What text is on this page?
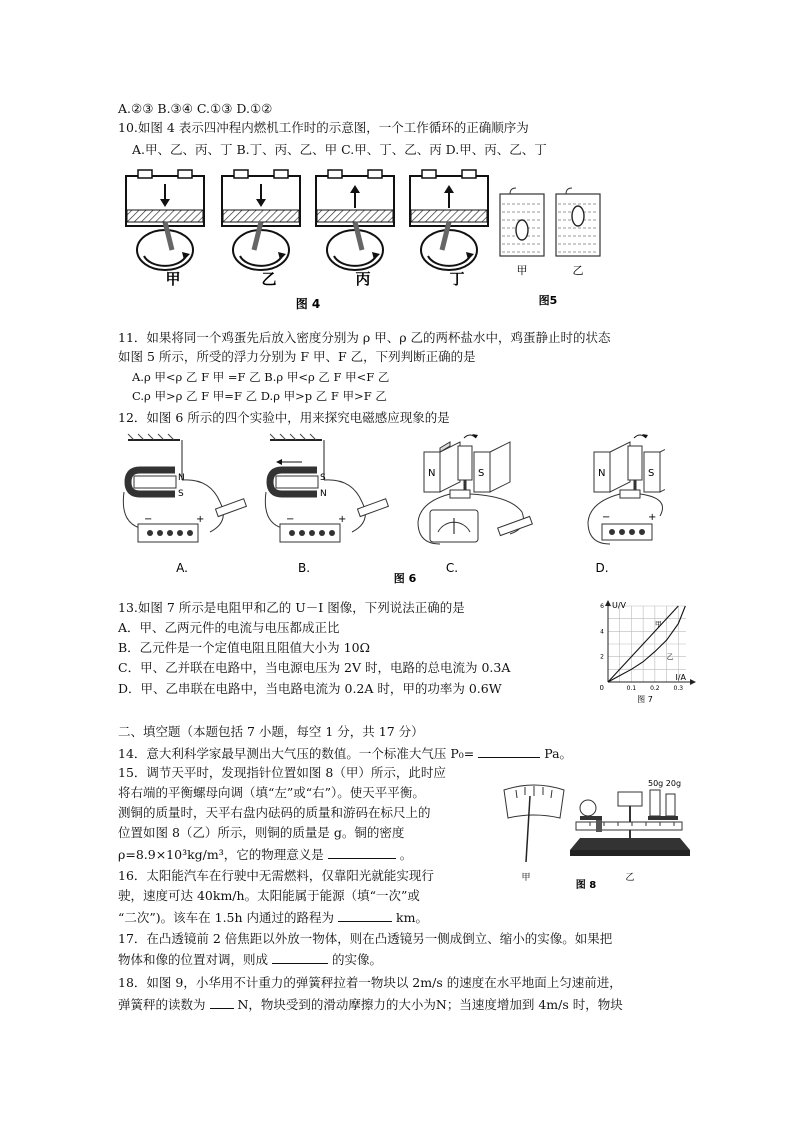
A.②③ B.③④ C.①③ D.①②
10.如图 4 表示四冲程内燃机工作时的示意图，一个工作循环的正确顺序为
A.甲、乙、丙、丁 B.丁、丙、乙、甲 C.甲、丁、乙、丙 D.甲、丙、乙、丁
甲	乙	丙	丁
图 4
甲	乙
图5
11．如果将同一个鸡蛋先后放入密度分别为 ρ 甲、ρ 乙的两杯盐水中，鸡蛋静止时的状态
如图 5 所示，所受的浮力分别为 F 甲、F 乙，下列判断正确的是
A.ρ 甲<ρ 乙 F 甲 =F 乙 B.ρ 甲<ρ 乙 F 甲<F 乙
C.ρ 甲>ρ 乙 F 甲=F 乙 D.ρ 甲>p 乙 F 甲>F 乙
12．如图 6 所示的四个实验中，用来探究电磁感应现象的是
N
S
−	+
A.
S
N
−	+
B.
N	S
C.
N	S
−	+
D.
图 6
13.如图 7 所示是电阻甲和乙的 U－I 图像，下列说法正确的是
A．甲、乙两元件的电流与电压都成正比
B．乙元件是一个定值电阻且阻值大小为 10Ω
C．甲、乙并联在电路中，当电源电压为 2V 时，电路的总电流为 0.3A
D．甲、乙串联在电路中，当电路电流为 0.2A 时，甲的功率为 0.6W
U/V
I/A
0	0.1 0.2 0.3
2
4
6
甲
乙
图 7
二、填空题（本题包括 7 小题，每空 1 分，共 17 分）
14．意大利科学家最早测出大气压的数值。一个标准大气压 P₀=	Pa。
15．调节天平时，发现指针位置如图 8（甲）所示，此时应
将右端的平衡螺母向调（填“左”或“右”）。使天平平衡。
测铜的质量时，天平右盘内砝码的质量和游码在标尺上的
位置如图 8（乙）所示，则铜的质量是 g。铜的密度
ρ=8.9×10³kg/m³，它的物理意义是	。
甲
50g 20g
乙
图 8
16．太阳能汽车在行驶中无需燃料，仅靠阳光就能实现行
驶，速度可达 40km/h。太阳能属于能源（填“一次”或
“二次”)。该车在 1.5h 内通过的路程为	km。
17．在凸透镜前 2 倍焦距以外放一物体，则在凸透镜另一侧成倒立、缩小的实像。如果把
物体和像的位置对调，则成	的实像。
18．如图 9，小华用不计重力的弹簧秤拉着一物块以 2m/s 的速度在水平地面上匀速前进，
弹簧秤的读数为	N，物块受到的滑动摩擦力的大小为N；当速度增加到 4m/s 时，物块
